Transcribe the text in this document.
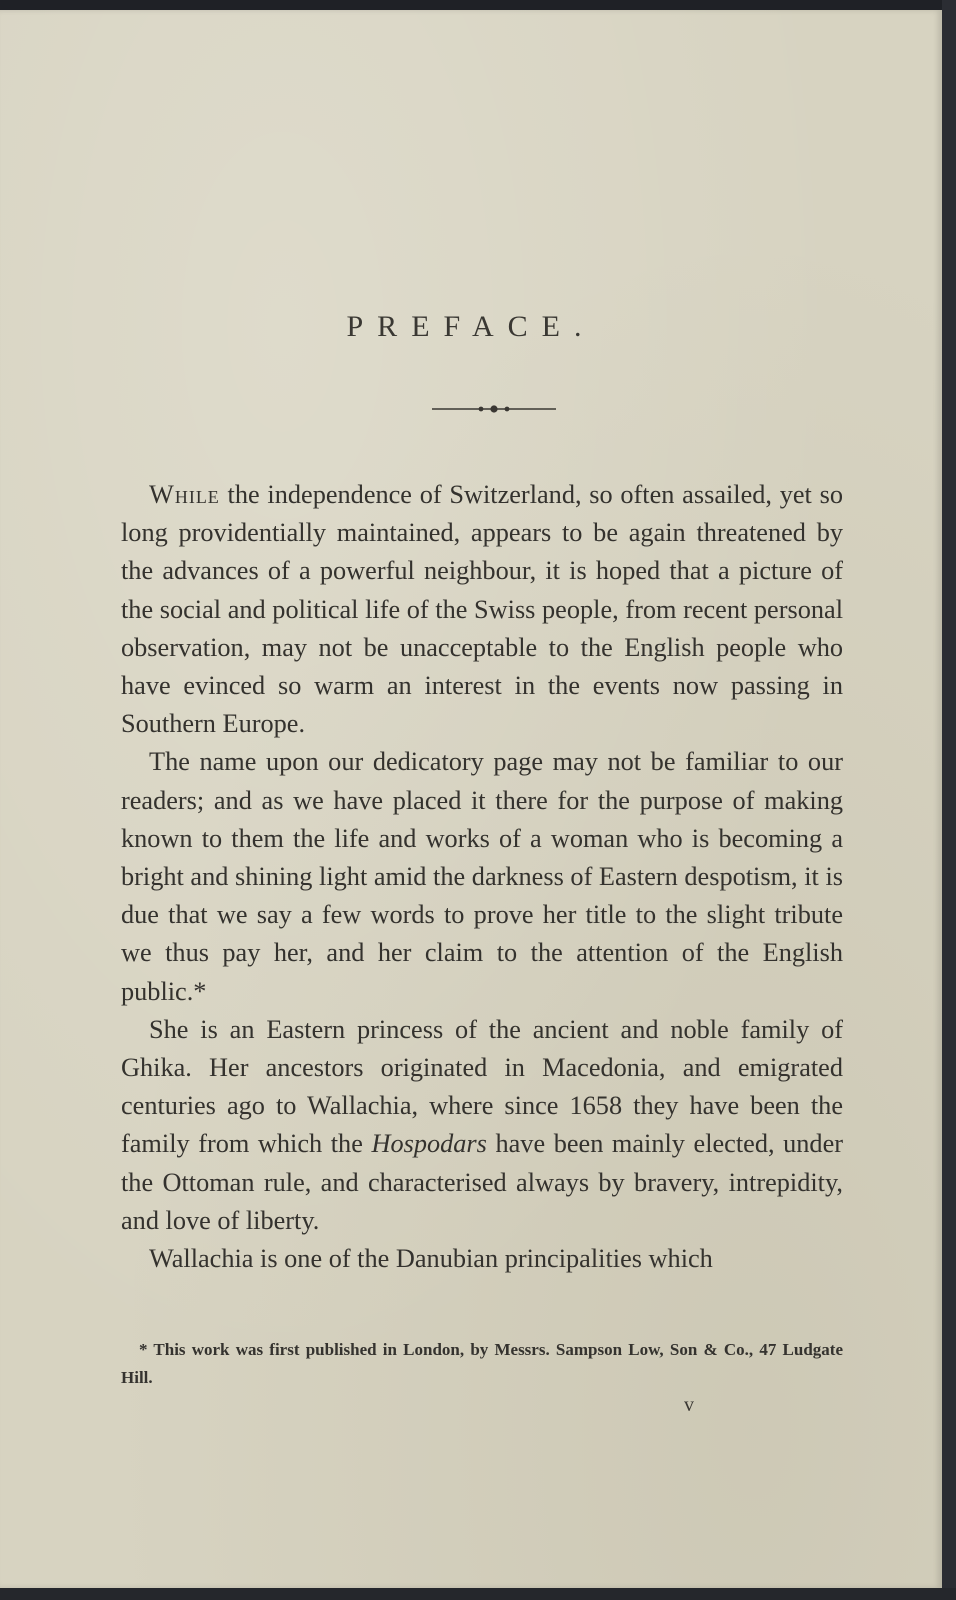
PREFACE.

While the independence of Switzerland, so often assailed, yet so long providentially maintained, appears to be again threatened by the advances of a powerful neighbour, it is hoped that a picture of the social and political life of the Swiss people, from recent personal observation, may not be unacceptable to the English people who have evinced so warm an interest in the events now passing in Southern Europe.

The name upon our dedicatory page may not be familiar to our readers; and as we have placed it there for the purpose of making known to them the life and works of a woman who is becoming a bright and shining light amid the darkness of Eastern despotism, it is due that we say a few words to prove her title to the slight tribute we thus pay her, and her claim to the attention of the English public.*

She is an Eastern princess of the ancient and noble family of Ghika. Her ancestors originated in Macedonia, and emigrated centuries ago to Wallachia, where since 1658 they have been the family from which the Hospodars have been mainly elected, under the Ottoman rule, and characterised always by bravery, intrepidity, and love of liberty.

Wallachia is one of the Danubian principalities which

* This work was first published in London, by Messrs. Sampson Low, Son & Co., 47 Ludgate Hill.

v
